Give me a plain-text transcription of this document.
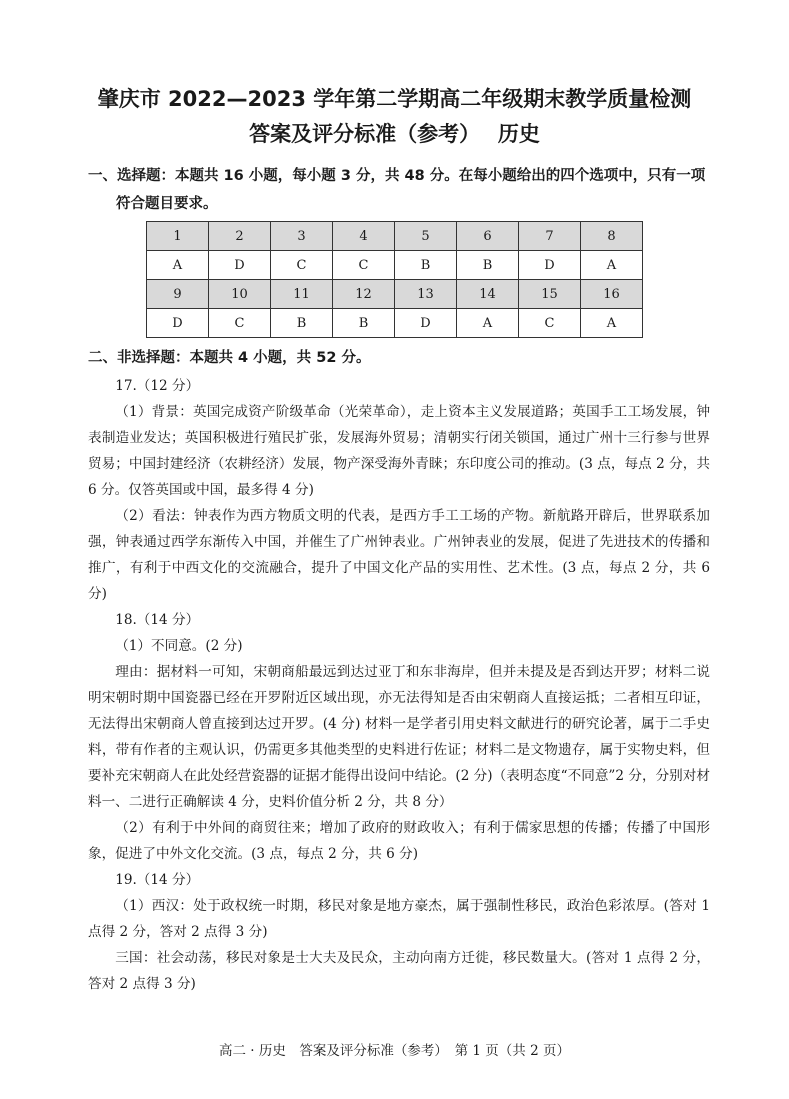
肇庆市 2022—2023 学年第二学期高二年级期末教学质量检测
答案及评分标准（参考）　 历史
一、选择题：本题共 16 小题，每小题 3 分，共 48 分。在每小题给出的四个选项中，只有一项符合题目要求。
1	2	3	4	5	6	7	8
A	D	C	C	B	B	D	A
9	10	11	12	13	14	15	16
D	C	B	B	D	A	C	A
二、非选择题：本题共 4 小题，共 52 分。

17.（12 分）

（1）背景：英国完成资产阶级革命（光荣革命），走上资本主义发展道路；英国手工工场发展，钟表制造业发达；英国积极进行殖民扩张，发展海外贸易；清朝实行闭关锁国，通过广州十三行参与世界贸易；中国封建经济（农耕经济）发展，物产深受海外青睐；东印度公司的推动。(3 点，每点 2 分，共 6 分。仅答英国或中国，最多得 4 分)

（2）看法：钟表作为西方物质文明的代表，是西方手工工场的产物。新航路开辟后，世界联系加强，钟表通过西学东渐传入中国，并催生了广州钟表业。广州钟表业的发展，促进了先进技术的传播和推广，有利于中西文化的交流融合，提升了中国文化产品的实用性、艺术性。(3 点，每点 2 分，共 6 分)

18.（14 分）

（1）不同意。(2 分)

理由：据材料一可知，宋朝商船最远到达过亚丁和东非海岸，但并未提及是否到达开罗；材料二说明宋朝时期中国瓷器已经在开罗附近区域出现，亦无法得知是否由宋朝商人直接运抵；二者相互印证，无法得出宋朝商人曾直接到达过开罗。(4 分) 材料一是学者引用史料文献进行的研究论著，属于二手史料，带有作者的主观认识，仍需更多其他类型的史料进行佐证；材料二是文物遗存，属于实物史料，但要补充宋朝商人在此处经营瓷器的证据才能得出设问中结论。(2 分)（表明态度“不同意”2 分，分别对材料一、二进行正确解读 4 分，史料价值分析 2 分，共 8 分）

（2）有利于中外间的商贸往来；增加了政府的财政收入；有利于儒家思想的传播；传播了中国形象，促进了中外文化交流。(3 点，每点 2 分，共 6 分)

19.（14 分）

（1）西汉：处于政权统一时期，移民对象是地方豪杰，属于强制性移民，政治色彩浓厚。(答对 1 点得 2 分，答对 2 点得 3 分)

三国：社会动荡，移民对象是士大夫及民众，主动向南方迁徙，移民数量大。(答对 1 点得 2 分，答对 2 点得 3 分)

高二 · 历史　答案及评分标准（参考）　第 1 页（共 2 页）
